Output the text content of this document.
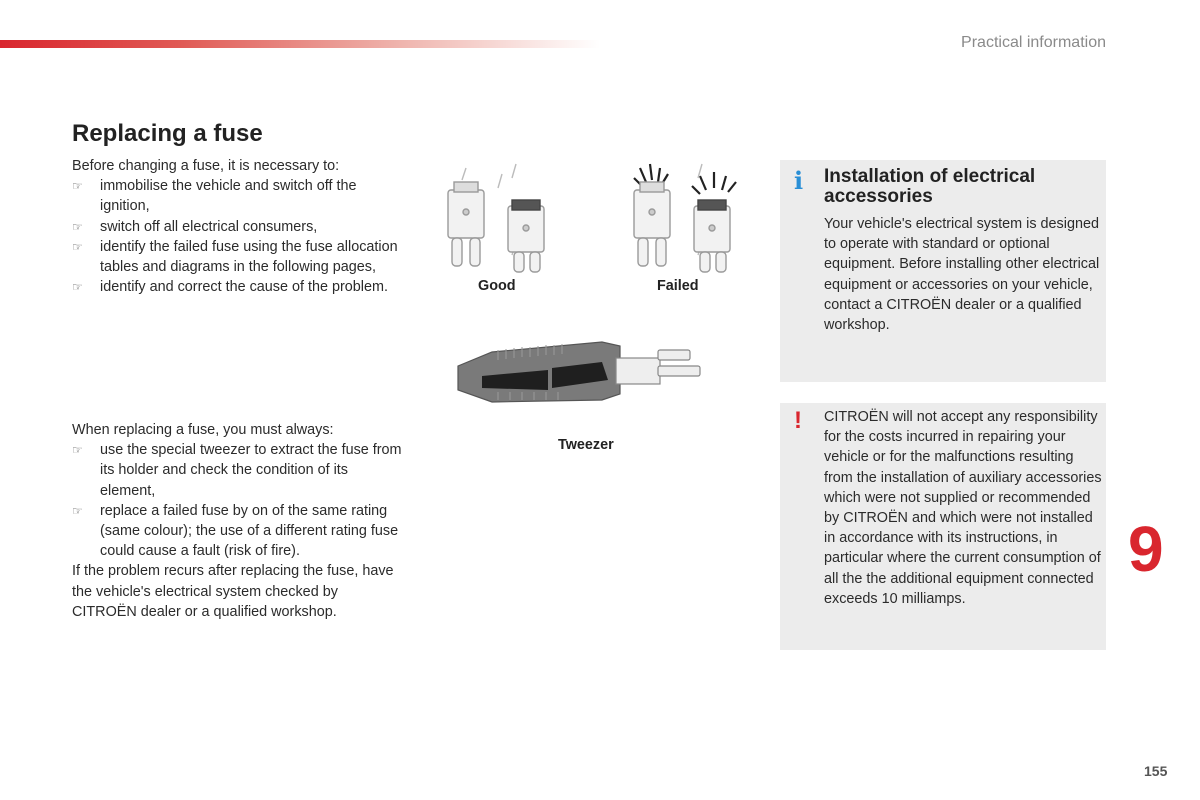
Practical information
Replacing a fuse

Before changing a fuse, it is necessary to:

☞ immobilise the vehicle and switch off the ignition,
☞ switch off all electrical consumers,
☞ identify the failed fuse using the fuse allocation tables and diagrams in the following pages,
☞ identify and correct the cause of the problem.

When replacing a fuse, you must always:

☞ use the special tweezer to extract the fuse from its holder and check the condition of its element,
☞ replace a failed fuse by on of the same rating (same colour); the use of a different rating fuse could cause a fault (risk of fire).

If the problem recurs after replacing the fuse, have the vehicle's electrical system checked by CITROËN dealer or a qualified workshop.

Good	Failed
Tweezer
i Installation of electrical accessories
Your vehicle's electrical system is designed to operate with standard or optional equipment. Before installing other electrical equipment or accessories on your vehicle, contact a CITROËN dealer or a qualified workshop.
! CITROËN will not accept any responsibility for the costs incurred in repairing your vehicle or for the malfunctions resulting from the installation of auxiliary accessories which were not supplied or recommended by CITROËN and which were not installed in accordance with its instructions, in particular where the current consumption of all the the additional equipment connected exceeds 10 milliamps.
9
155
